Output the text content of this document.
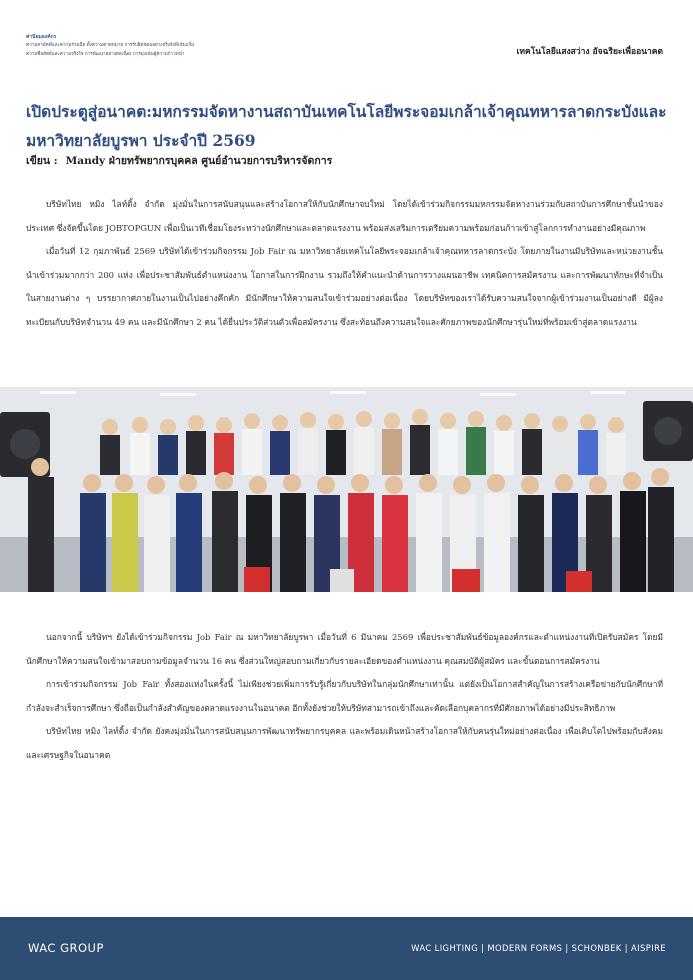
ค่านิยมองค์กร
ความสามัคคีและความร่วมมือ ตั้งความคาดหมาย การรับผิดชอบอย่างจริงจังที่เข้มแข็ง
ความซื่อสัตย์และความจริงใจ การพัฒนาอย่างต่อเนื่อง การมุ่งเน้นผู้ความก้าวหน้า	เทคโนโลยีแสงสว่าง อัจฉริยะเพื่ออนาคต
เปิดประตูสู่อนาคต:มหกรรมจัดหางานสถาบันเทคโนโลยีพระจอมเกล้าเจ้าคุณทหารลาดกระบังและมหาวิทยาลัยบูรพา ประจำปี 2569
เขียน : Mandy ฝ่ายทรัพยากรบุคคล ศูนย์อำนวยการบริหารจัดการ

บริษัทไทย หมิง ไลท์ติ้ง จำกัด มุ่งมั่นในการสนับสนุนและสร้างโอกาสให้กับนักศึกษาจบใหม่ โดยได้เข้าร่วมกิจกรรมมหกรรมจัดหางานร่วมกับสถาบันการศึกษาชั้นนำของประเทศ ซึ่งจัดขึ้นโดย JOBTOPGUN เพื่อเป็นเวทีเชื่อมโยงระหว่างนักศึกษาและตลาดแรงงาน พร้อมส่งเสริมการเตรียมความพร้อมก่อนก้าวเข้าสู่โลกการทำงานอย่างมีคุณภาพ

เมื่อวันที่ 12 กุมภาพันธ์ 2569 บริษัทได้เข้าร่วมกิจกรรม Job Fair ณ มหาวิทยาลัยเทคโนโลยีพระจอมเกล้าเจ้าคุณทหารลาดกระบัง โดยภายในงานมีบริษัทและหน่วยงานชั้นนำเข้าร่วมมากกว่า 200 แห่ง เพื่อประชาสัมพันธ์ตำแหน่งงาน โอกาสในการฝึกงาน รวมถึงให้คำแนะนำด้านการวางแผนอาชีพ เทคนิคการสมัครงาน และการพัฒนาทักษะที่จำเป็นในสายงานต่าง ๆ บรรยากาศภายในงานเป็นไปอย่างคึกคัก มีนักศึกษาให้ความสนใจเข้าร่วมอย่างต่อเนื่อง โดยบริษัทของเราได้รับความสนใจจากผู้เข้าร่วมงานเป็นอย่างดี มีผู้ลงทะเบียนกับบริษัทจำนวน 49 คน และมีนักศึกษา 2 คน ได้ยื่นประวัติส่วนตัวเพื่อสมัครงาน ซึ่งสะท้อนถึงความสนใจและศักยภาพของนักศึกษารุ่นใหม่ที่พร้อมเข้าสู่ตลาดแรงงาน

นอกจากนี้ บริษัทฯ ยังได้เข้าร่วมกิจกรรม Job Fair ณ มหาวิทยาลัยบูรพา เมื่อวันที่ 6 มีนาคม 2569 เพื่อประชาสัมพันธ์ข้อมูลองค์กรและตำแหน่งงานที่เปิดรับสมัคร โดยมีนักศึกษาให้ความสนใจเข้ามาสอบถามข้อมูลจำนวน 16 คน ซึ่งส่วนใหญ่สอบถามเกี่ยวกับรายละเอียดของตำแหน่งงาน คุณสมบัติผู้สมัคร และขั้นตอนการสมัครงาน

การเข้าร่วมกิจกรรม Job Fair ทั้งสองแห่งในครั้งนี้ ไม่เพียงช่วยเพิ่มการรับรู้เกี่ยวกับบริษัทในกลุ่มนักศึกษาเท่านั้น แต่ยังเป็นโอกาสสำคัญในการสร้างเครือข่ายกับนักศึกษาที่กำลังจะสำเร็จการศึกษา ซึ่งถือเป็นกำลังสำคัญของตลาดแรงงานในอนาคต อีกทั้งยังช่วยให้บริษัทสามารถเข้าถึงและคัดเลือกบุคลากรที่มีศักยภาพได้อย่างมีประสิทธิภาพ

บริษัทไทย หมิง ไลท์ติ้ง จำกัด ยังคงมุ่งมั่นในการสนับสนุนการพัฒนาทรัพยากรบุคคล และพร้อมเดินหน้าสร้างโอกาสให้กับคนรุ่นใหม่อย่างต่อเนื่อง เพื่อเติบโตไปพร้อมกับสังคมและเศรษฐกิจในอนาคต

WAC GROUP	WAC LIGHTING | MODERN FORMS | SCHONBEK | AISPIRE
